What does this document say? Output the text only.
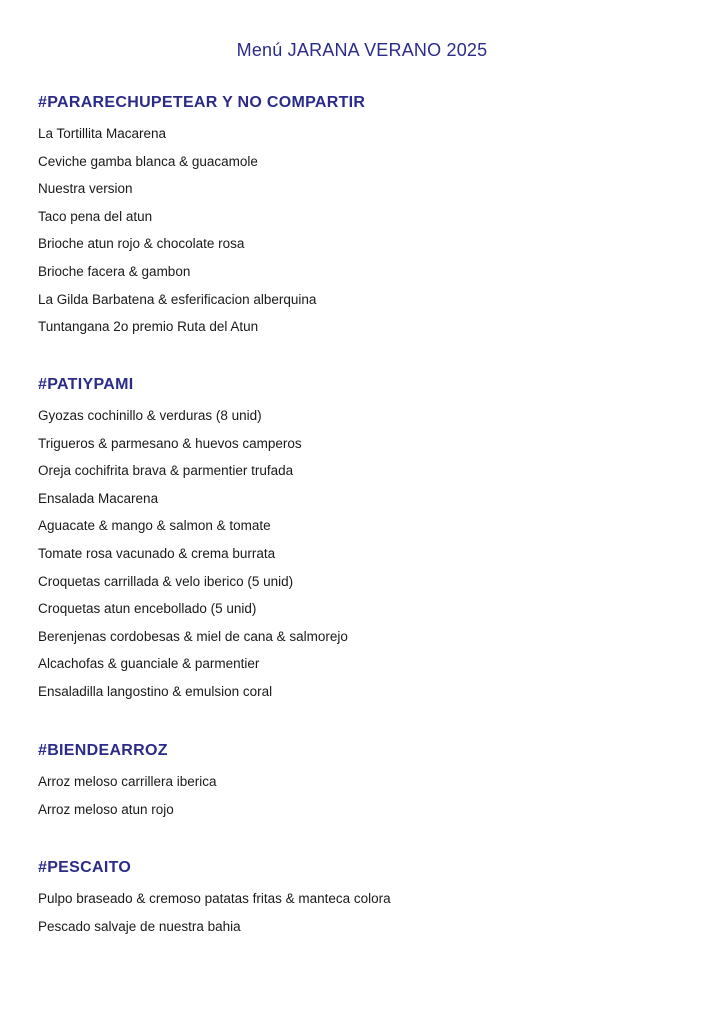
Menú JARANA VERANO 2025
#PARARECHUPETEAR Y NO COMPARTIR
La Tortillita Macarena
Ceviche gamba blanca & guacamole
Nuestra version
Taco pena del atun
Brioche atun rojo & chocolate rosa
Brioche facera & gambon
La Gilda Barbatena & esferificacion alberquina
Tuntangana 2o premio Ruta del Atun
#PATIYPAMI
Gyozas cochinillo & verduras (8 unid)
Trigueros & parmesano & huevos camperos
Oreja cochifrita brava & parmentier trufada
Ensalada Macarena
Aguacate & mango & salmon & tomate
Tomate rosa vacunado & crema burrata
Croquetas carrillada & velo iberico (5 unid)
Croquetas atun encebollado (5 unid)
Berenjenas cordobesas & miel de cana & salmorejo
Alcachofas & guanciale & parmentier
Ensaladilla langostino & emulsion coral
#BIENDEARROZ
Arroz meloso carrillera iberica
Arroz meloso atun rojo
#PESCAITO
Pulpo braseado & cremoso patatas fritas & manteca colora
Pescado salvaje de nuestra bahia
